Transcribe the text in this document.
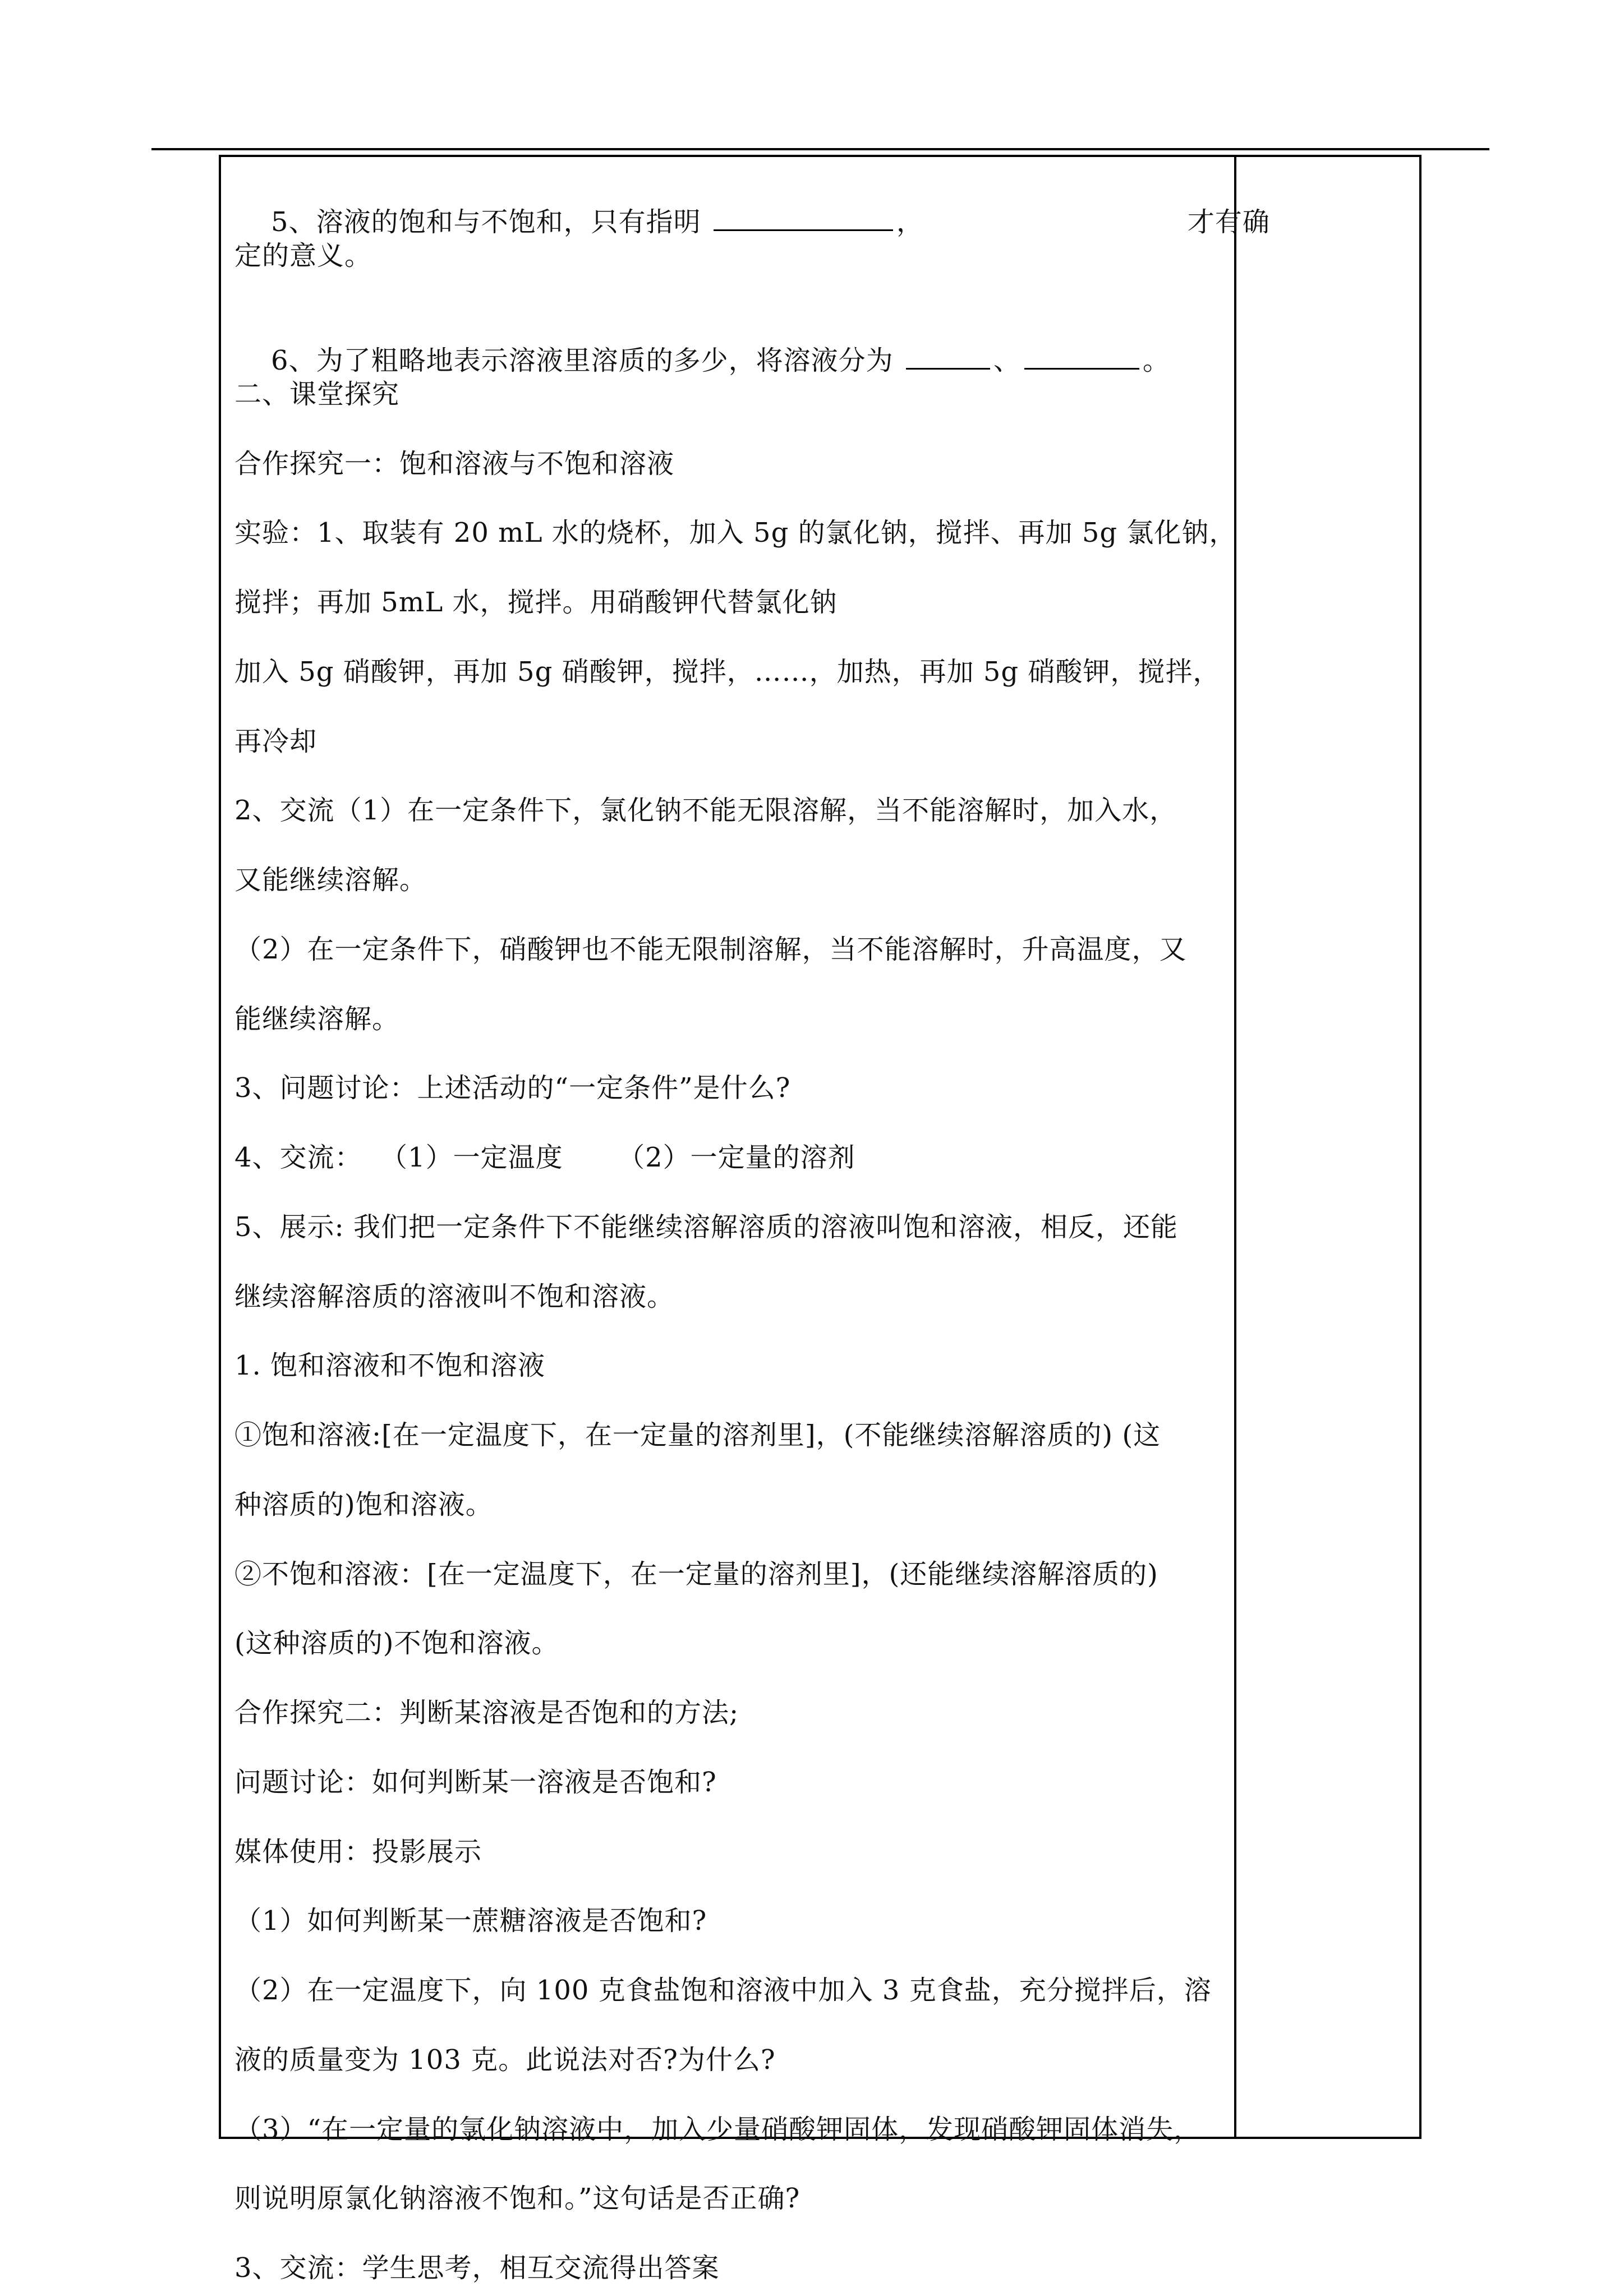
5、溶液的饱和与不饱和，只有指明	，	才有确

定的意义。

6、为了粗略地表示溶液里溶质的多少，将溶液分为	、	。

二、课堂探究
合作探究一：饱和溶液与不饱和溶液
实验：1、取装有 20 mL 水的烧杯，加入 5g 的氯化钠，搅拌、再加 5g 氯化钠，
搅拌；再加 5mL 水，搅拌。用硝酸钾代替氯化钠
加入 5g 硝酸钾，再加 5g 硝酸钾，搅拌，……，加热，再加 5g 硝酸钾，搅拌，
再冷却
2、交流（1）在一定条件下，氯化钠不能无限溶解，当不能溶解时，加入水，
又能继续溶解。
（2）在一定条件下，硝酸钾也不能无限制溶解，当不能溶解时，升高温度，又
能继续溶解。
3、问题讨论：上述活动的“一定条件”是什么?
4、交流：  （1）一定温度      （2）一定量的溶剂
5、展示: 我们把一定条件下不能继续溶解溶质的溶液叫饱和溶液，相反，还能
继续溶解溶质的溶液叫不饱和溶液。
1. 饱和溶液和不饱和溶液
①饱和溶液:[在一定温度下，在一定量的溶剂里]，(不能继续溶解溶质的) (这
种溶质的)饱和溶液。
②不饱和溶液：[在一定温度下，在一定量的溶剂里]，(还能继续溶解溶质的)
(这种溶质的)不饱和溶液。
合作探究二：判断某溶液是否饱和的方法;
问题讨论：如何判断某一溶液是否饱和?
媒体使用：投影展示
（1）如何判断某一蔗糖溶液是否饱和?
（2）在一定温度下，向 100 克食盐饱和溶液中加入 3 克食盐，充分搅拌后，溶
液的质量变为 103 克。此说法对否?为什么?
（3）“在一定量的氯化钠溶液中，加入少量硝酸钾固体，发现硝酸钾固体消失，
则说明原氯化钠溶液不饱和。”这句话是否正确?
3、交流：学生思考，相互交流得出答案
